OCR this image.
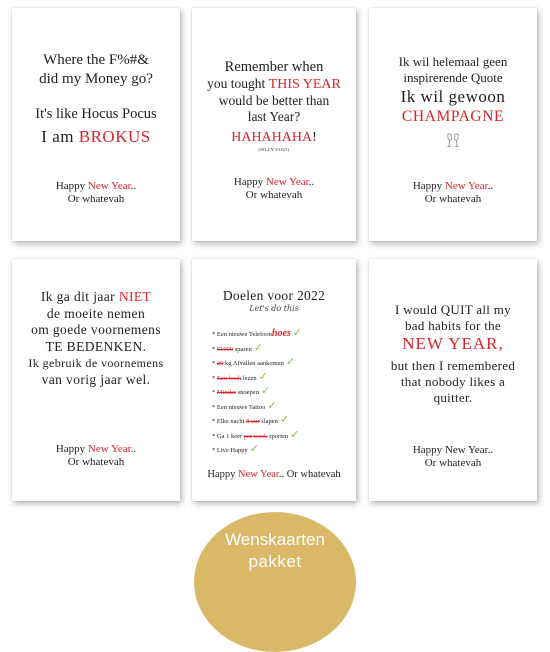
Where the F%#&
did my Money go?
It's like Hocus Pocus
I am BROKUS
Happy New Year..
Or whatevah
Remember when
you tought THIS YEAR
would be better than
last Year?
HAHAHAHA!
(SILLY YOU!)
Happy New Year..
Or whatevah
Ik wil helemaal geen
inspirerende Quote
Ik wil gewoon
CHAMPAGNE
Happy New Year..
Or whatevah
Ik ga dit jaar NIET
de moeite nemen
om goede voornemens
TE BEDENKEN.
Ik gebruik de voornemens
van vorig jaar wel.
Happy New Year..
Or whatevah
Doelen voor 2022
Let's do this
* Een nieuwe Telefoonhoes ✓
* €1000 sparen ✓
* 20 kg Afvallen aankomen ✓
* Een boek lezen ✓
* Minder snoepen ✓
* Een nieuwe Tattoo ✓
* Elke nacht 8 uur slapen ✓
* Ga 1 keer per week sporten ✓
* Live Happy ✓
Happy New Year.. Or whatevah
I would QUIT all my
bad habits for the
NEW YEAR,
but then I remembered
that nobody likes a
quitter.
Happy New Year..
Or whatevah
Wenskaarten
pakket
